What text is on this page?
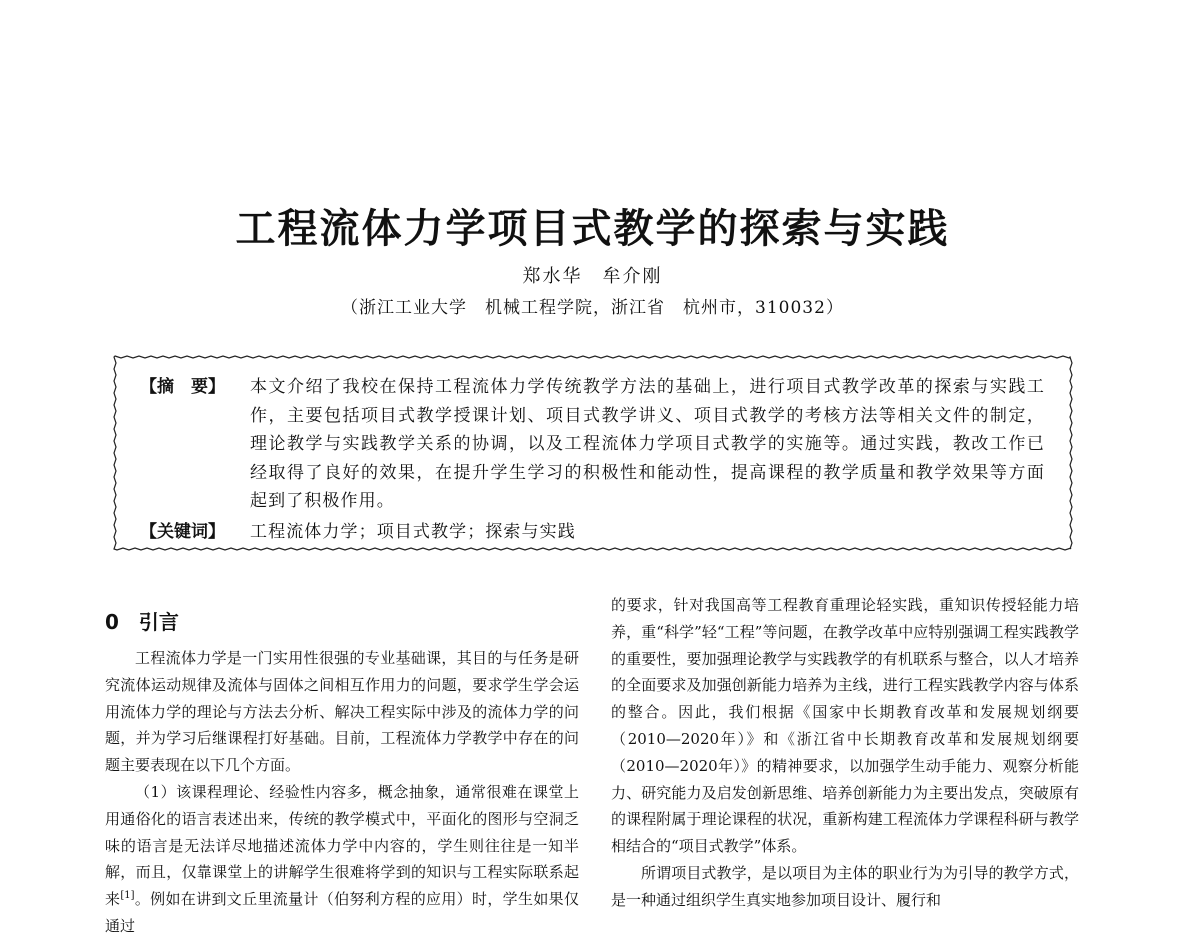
工程流体力学项目式教学的探索与实践
郑水华　牟介刚
（浙江工业大学　机械工程学院，浙江省　杭州市，310032）
【摘　要】 本文介绍了我校在保持工程流体力学传统教学方法的基础上，进行项目式教学改革的探索与实践工作，主要包括项目式教学授课计划、项目式教学讲义、项目式教学的考核方法等相关文件的制定，理论教学与实践教学关系的协调，以及工程流体力学项目式教学的实施等。通过实践，教改工作已经取得了良好的效果，在提升学生学习的积极性和能动性，提高课程的教学质量和教学效果等方面起到了积极作用。
【关键词】 工程流体力学；项目式教学；探索与实践
0　引言

工程流体力学是一门实用性很强的专业基础课，其目的与任务是研究流体运动规律及流体与固体之间相互作用力的问题，要求学生学会运用流体力学的理论与方法去分析、解决工程实际中涉及的流体力学的问题，并为学习后继课程打好基础。目前，工程流体力学教学中存在的问题主要表现在以下几个方面。

（1）该课程理论、经验性内容多，概念抽象，通常很难在课堂上用通俗化的语言表述出来，传统的教学模式中，平面化的图形与空洞乏味的语言是无法详尽地描述流体力学中内容的，学生则往往是一知半解，而且，仅靠课堂上的讲解学生很难将学到的知识与工程实际联系起来[1]。例如在讲到文丘里流量计（伯努利方程的应用）时，学生如果仅通过

的要求，针对我国高等工程教育重理论轻实践，重知识传授轻能力培养，重“科学”轻“工程”等问题，在教学改革中应特别强调工程实践教学的重要性，要加强理论教学与实践教学的有机联系与整合，以人才培养的全面要求及加强创新能力培养为主线，进行工程实践教学内容与体系的整合。因此，我们根据《国家中长期教育改革和发展规划纲要（2010—2020年）》和《浙江省中长期教育改革和发展规划纲要（2010—2020年）》的精神要求，以加强学生动手能力、观察分析能力、研究能力及启发创新思维、培养创新能力为主要出发点，突破原有的课程附属于理论课程的状况，重新构建工程流体力学课程科研与教学相结合的“项目式教学”体系。

所谓项目式教学，是以项目为主体的职业行为为引导的教学方式，是一种通过组织学生真实地参加项目设计、履行和
